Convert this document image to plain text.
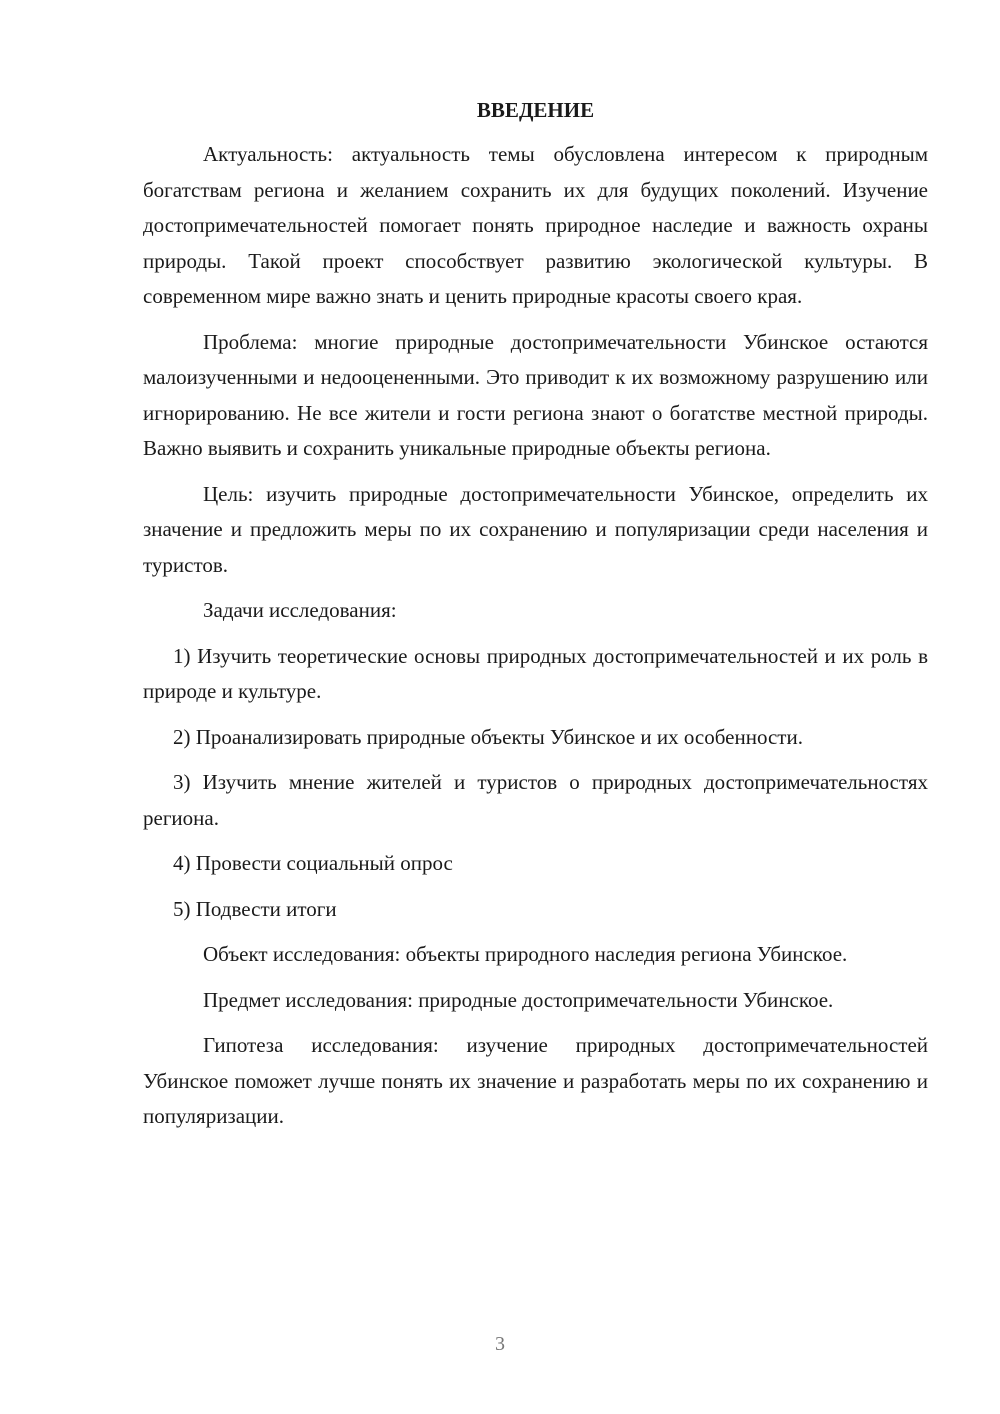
ВВЕДЕНИЕ

Актуальность: актуальность темы обусловлена интересом к природным богатствам региона и желанием сохранить их для будущих поколений. Изучение достопримечательностей помогает понять природное наследие и важность охраны природы. Такой проект способствует развитию экологической культуры. В современном мире важно знать и ценить природные красоты своего края.

Проблема: многие природные достопримечательности Убинское остаются малоизученными и недооцененными. Это приводит к их возможному разрушению или игнорированию. Не все жители и гости региона знают о богатстве местной природы. Важно выявить и сохранить уникальные природные объекты региона.

Цель: изучить природные достопримечательности Убинское, определить их значение и предложить меры по их сохранению и популяризации среди населения и туристов.

Задачи исследования:

1) Изучить теоретические основы природных достопримечательностей и их роль в природе и культуре.

2) Проанализировать природные объекты Убинское и их особенности.

3) Изучить мнение жителей и туристов о природных достопримечательностях региона.

4) Провести социальный опрос

5) Подвести итоги

Объект исследования: объекты природного наследия региона Убинское.

Предмет исследования: природные достопримечательности Убинское.

Гипотеза исследования: изучение природных достопримечательностей Убинское поможет лучше понять их значение и разработать меры по их сохранению и популяризации.

3
